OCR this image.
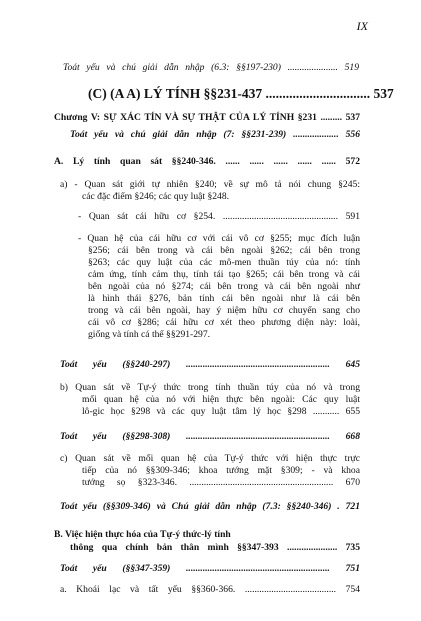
IX
Toát yếu và chú giải dẫn nhập (6.3: §§197-230) ..................... 519
(C) (A A) LÝ TÍNH §§231-437 ............................... 537
Chương V: SỰ XÁC TÍN VÀ SỰ THẬT CỦA LÝ TÍNH §231 ......... 537
Toát yếu và chú giải dẫn nhập (7: §§231-239) ................... 556
A. Lý tính quan sát §§240-346. ...... ...... ...... ...... ...... 572
a) - Quan sát giới tự nhiên §240; về sự mô tả nói chung §245:
các đặc điểm §246; các quy luật §248.
- Quan sát cái hữu cơ §254. ................................................ 591
- Quan hệ của cái hữu cơ với cái vô cơ §255; mục đích luận
§256; cái bên trong và cái bên ngoài §262; cái bên trong
§263; các quy luật của các mô-men thuần túy của nó: tính
cảm ứng, tính cảm thụ, tính tái tạo §265; cái bên trong và cái
bên ngoài của nó §274; cái bên trong và cái bên ngoài như
là hình thái §276, bản tính cái bên ngoài như là cái bên
trong và cái bên ngoài, hay ý niệm hữu cơ chuyển sang cho
cái vô cơ §286; cái hữu cơ xét theo phương diện này: loài,
giống và tính cá thể §§291-297.
Toát yếu (§§240-297) ............................................................ 645
b) Quan sát về Tự-ý thức trong tính thuần túy của nó và trong
mối quan hệ của nó với hiện thực bên ngoài: Các quy luật
lô-gic học §298 và các quy luật tâm lý học §298 ........... 655
Toát yếu (§§298-308) ............................................................ 668
c) Quan sát về mối quan hệ của Tự-ý thức với hiện thực trực
tiếp của nó §§309-346; khoa tướng mặt §309; - và khoa
tướng sọ §323-346. ............................................................ 670
Toát yếu (§§309-346) và Chú giải dẫn nhập (7.3: §§240-346) . 721
B. Việc hiện thực hóa của Tự-ý thức-lý tính
thông qua chính bản thân mình §§347-393 ..................... 735
Toát yếu (§§347-359) ............................................................ 751
a. Khoái lạc và tất yếu §§360-366. ...................................... 754
